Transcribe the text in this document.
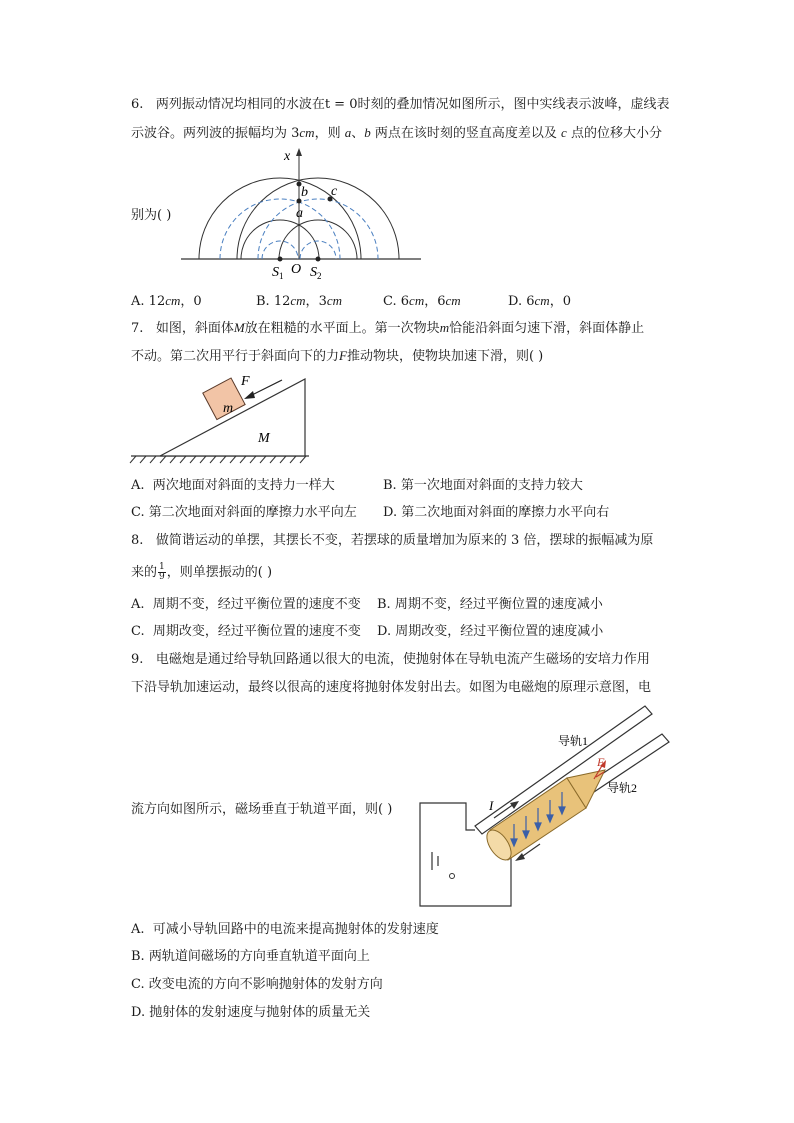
6. 两列振动情况均相同的水波在t = 0时刻的叠加情况如图所示，图中实线表示波峰，虚线表
示波谷。两列波的振幅均为 3cm，则 a、b 两点在该时刻的竖直高度差以及 c 点的位移大小分
别为( )
x
b c
a
O
$S_1$ $S_2$
A. 12cm，0	B. 12cm，3cm	C. 6cm，6cm	D. 6cm，0
7. 如图，斜面体M放在粗糙的水平面上。第一次物块m恰能沿斜面匀速下滑，斜面体静止
不动。第二次用平行于斜面向下的力F推动物块，使物块加速下滑，则( )
m
F
M
A. 两次地面对斜面的支持力一样大	B. 第一次地面对斜面的支持力较大
C. 第二次地面对斜面的摩擦力水平向左 D. 第二次地面对斜面的摩擦力水平向右
8. 做简谐运动的单摆，其摆长不变，若摆球的质量增加为原来的 3 倍，摆球的振幅减为原
来的 $\frac{1}{9}$ ，则单摆振动的( )
A. 周期不变，经过平衡位置的速度不变 B. 周期不变，经过平衡位置的速度减小
C. 周期改变，经过平衡位置的速度不变 D. 周期改变，经过平衡位置的速度减小
9. 电磁炮是通过给导轨回路通以很大的电流，使抛射体在导轨电流产生磁场的安培力作用
下沿导轨加速运动，最终以很高的速度将抛射体发射出去。如图为电磁炮的原理示意图，电
流方向如图所示，磁场垂直于轨道平面，则( )
导轨1
导轨2
I
F
A. 可减小导轨回路中的电流来提高抛射体的发射速度
B. 两轨道间磁场的方向垂直轨道平面向上
C. 改变电流的方向不影响抛射体的发射方向
D. 抛射体的发射速度与抛射体的质量无关
